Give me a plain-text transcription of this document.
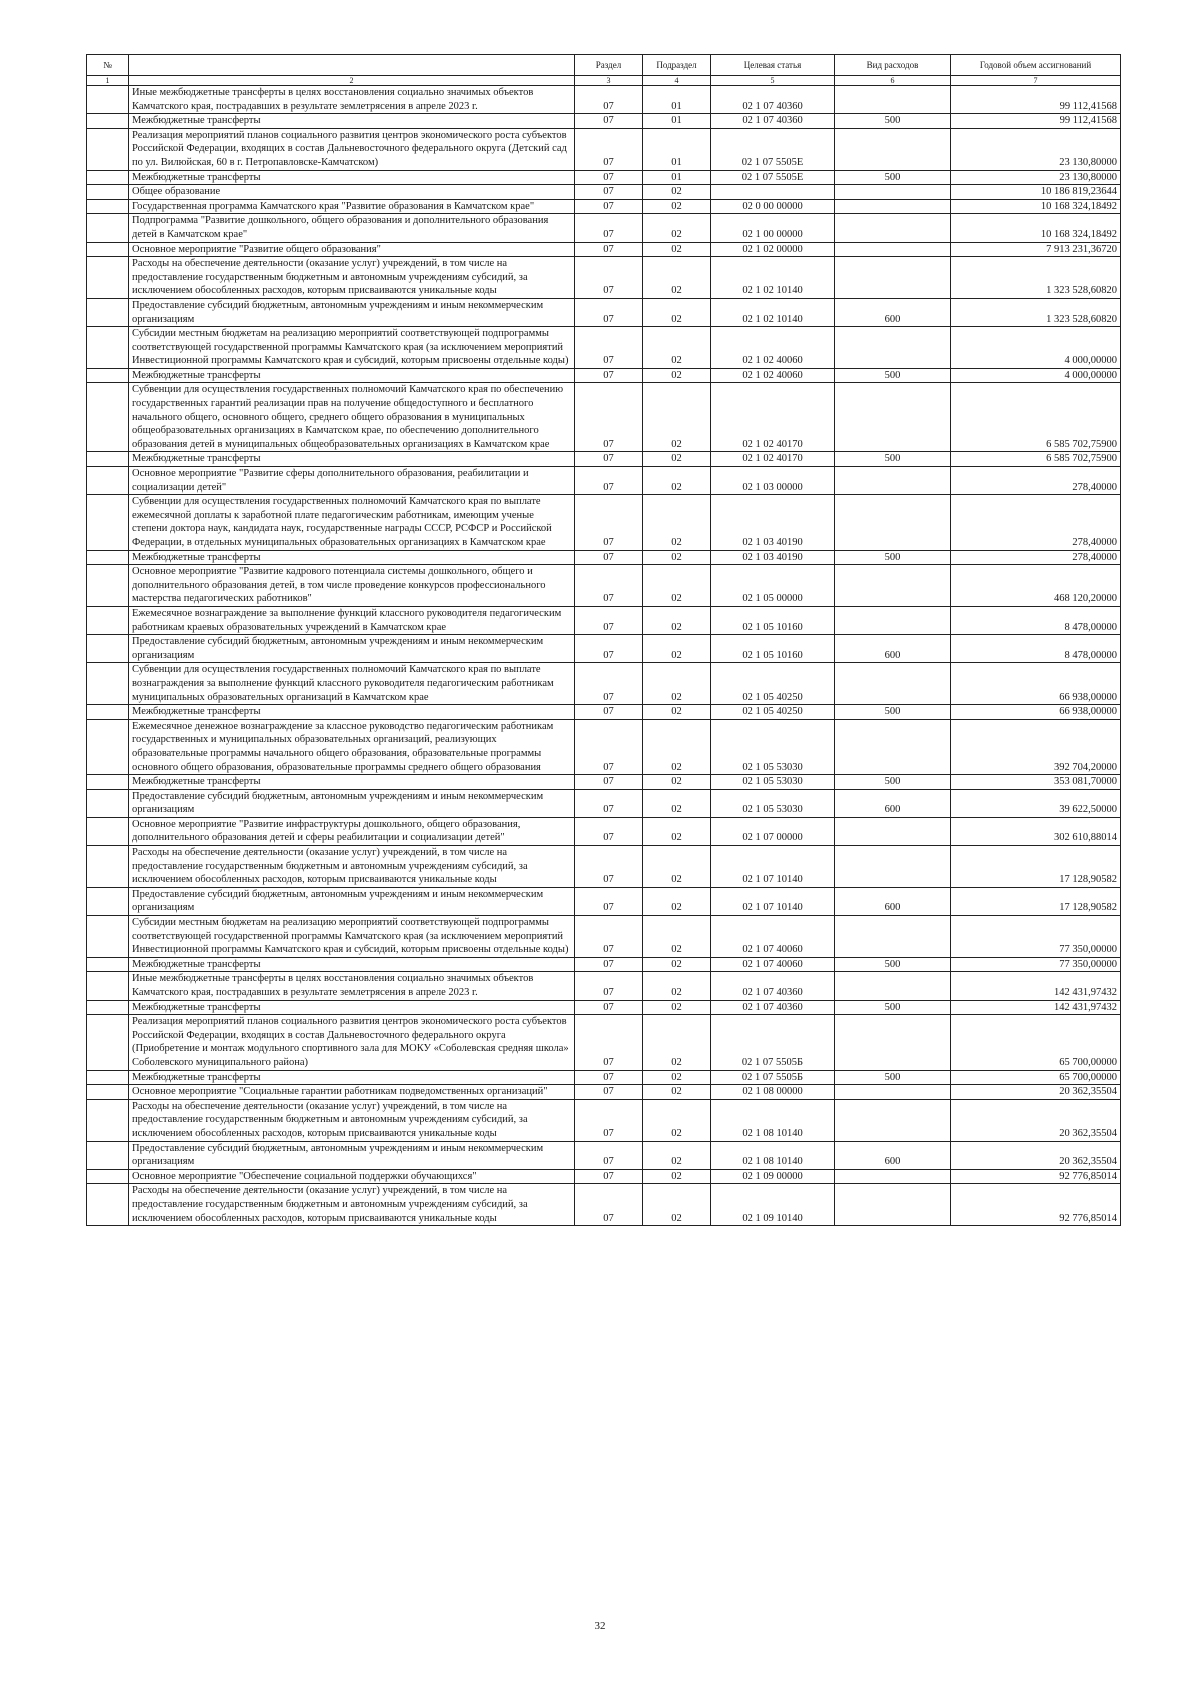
№		Раздел	Подраздел	Целевая статья	Вид расходов	Годовой объем ассигнований
1	2	3	4	5	6	7
	Иные межбюджетные трансферты в целях восстановления социально значимых объектов Камчатского края, пострадавших в результате землетрясения в апреле 2023 г.	07	01	02 1 07 40360		99 112,41568
	Межбюджетные трансферты	07	01	02 1 07 40360	500	99 112,41568
	Реализация мероприятий планов социального развития центров экономического роста субъектов Российской Федерации, входящих в состав Дальневосточного федерального округа (Детский сад по ул. Вилюйская, 60 в г. Петропавловске-Камчатском)	07	01	02 1 07 5505Е		23 130,80000
	Межбюджетные трансферты	07	01	02 1 07 5505Е	500	23 130,80000
	Общее образование	07	02			10 186 819,23644
	Государственная программа Камчатского края "Развитие образования в Камчатском крае"	07	02	02 0 00 00000		10 168 324,18492
	Подпрограмма "Развитие дошкольного, общего образования и дополнительного образования детей в Камчатском крае"	07	02	02 1 00 00000		10 168 324,18492
	Основное мероприятие "Развитие общего образования"	07	02	02 1 02 00000		7 913 231,36720
	Расходы на обеспечение деятельности (оказание услуг) учреждений, в том числе на предоставление государственным бюджетным и автономным учреждениям субсидий, за исключением обособленных расходов, которым присваиваются уникальные коды	07	02	02 1 02 10140		1 323 528,60820
	Предоставление субсидий бюджетным, автономным учреждениям и иным некоммерческим организациям	07	02	02 1 02 10140	600	1 323 528,60820
	Субсидии местным бюджетам на реализацию мероприятий соответствующей подпрограммы соответствующей государственной программы Камчатского края (за исключением мероприятий Инвестиционной программы Камчатского края и субсидий, которым присвоены отдельные коды)	07	02	02 1 02 40060		4 000,00000
	Межбюджетные трансферты	07	02	02 1 02 40060	500	4 000,00000
	Субвенции для осуществления государственных полномочий Камчатского края по обеспечению государственных гарантий реализации прав на получение общедоступного и бесплатного начального общего, основного общего, среднего общего образования в муниципальных общеобразовательных организациях в Камчатском крае, по обеспечению дополнительного образования детей в муниципальных общеобразовательных организациях в Камчатском крае	07	02	02 1 02 40170		6 585 702,75900
	Межбюджетные трансферты	07	02	02 1 02 40170	500	6 585 702,75900
	Основное мероприятие "Развитие сферы дополнительного образования, реабилитации и социализации детей"	07	02	02 1 03 00000		278,40000
	Субвенции для осуществления государственных полномочий Камчатского края по выплате ежемесячной доплаты к заработной плате педагогическим работникам, имеющим ученые степени доктора наук, кандидата наук, государственные награды СССР, РСФСР и Российской Федерации, в отдельных муниципальных образовательных организациях в Камчатском крае	07	02	02 1 03 40190		278,40000
	Межбюджетные трансферты	07	02	02 1 03 40190	500	278,40000
	Основное мероприятие "Развитие кадрового потенциала системы дошкольного, общего и дополнительного образования детей, в том числе проведение конкурсов профессионального мастерства педагогических работников"	07	02	02 1 05 00000		468 120,20000
	Ежемесячное вознаграждение за выполнение функций классного руководителя педагогическим работникам краевых образовательных учреждений в Камчатском крае	07	02	02 1 05 10160		8 478,00000
	Предоставление субсидий бюджетным, автономным учреждениям и иным некоммерческим организациям	07	02	02 1 05 10160	600	8 478,00000
	Субвенции для осуществления государственных полномочий Камчатского края по выплате вознаграждения за выполнение функций классного руководителя педагогическим работникам муниципальных образовательных организаций в Камчатском крае	07	02	02 1 05 40250		66 938,00000
	Межбюджетные трансферты	07	02	02 1 05 40250	500	66 938,00000
	Ежемесячное денежное вознаграждение за классное руководство педагогическим работникам государственных и муниципальных образовательных организаций, реализующих образовательные программы начального общего образования, образовательные программы основного общего образования, образовательные программы среднего общего образования	07	02	02 1 05 53030		392 704,20000
	Межбюджетные трансферты	07	02	02 1 05 53030	500	353 081,70000
	Предоставление субсидий бюджетным, автономным учреждениям и иным некоммерческим организациям	07	02	02 1 05 53030	600	39 622,50000
	Основное мероприятие "Развитие инфраструктуры дошкольного, общего образования, дополнительного образования детей и сферы реабилитации и социализации детей"	07	02	02 1 07 00000		302 610,88014
	Расходы на обеспечение деятельности (оказание услуг) учреждений, в том числе на предоставление государственным бюджетным и автономным учреждениям субсидий, за исключением обособленных расходов, которым присваиваются уникальные коды	07	02	02 1 07 10140		17 128,90582
	Предоставление субсидий бюджетным, автономным учреждениям и иным некоммерческим организациям	07	02	02 1 07 10140	600	17 128,90582
	Субсидии местным бюджетам на реализацию мероприятий соответствующей подпрограммы соответствующей государственной программы Камчатского края (за исключением мероприятий Инвестиционной программы Камчатского края и субсидий, которым присвоены отдельные коды)	07	02	02 1 07 40060		77 350,00000
	Межбюджетные трансферты	07	02	02 1 07 40060	500	77 350,00000
	Иные межбюджетные трансферты в целях восстановления социально значимых объектов Камчатского края, пострадавших в результате землетрясения в апреле 2023 г.	07	02	02 1 07 40360		142 431,97432
	Межбюджетные трансферты	07	02	02 1 07 40360	500	142 431,97432
	Реализация мероприятий планов социального развития центров экономического роста субъектов Российской Федерации, входящих в состав Дальневосточного федерального округа (Приобретение и монтаж модульного спортивного зала для МОКУ «Соболевская средняя школа» Соболевского муниципального района)	07	02	02 1 07 5505Б		65 700,00000
	Межбюджетные трансферты	07	02	02 1 07 5505Б	500	65 700,00000
	Основное мероприятие "Социальные гарантии работникам подведомственных организаций"	07	02	02 1 08 00000		20 362,35504
	Расходы на обеспечение деятельности (оказание услуг) учреждений, в том числе на предоставление государственным бюджетным и автономным учреждениям субсидий, за исключением обособленных расходов, которым присваиваются уникальные коды	07	02	02 1 08 10140		20 362,35504
	Предоставление субсидий бюджетным, автономным учреждениям и иным некоммерческим организациям	07	02	02 1 08 10140	600	20 362,35504
	Основное мероприятие "Обеспечение социальной поддержки обучающихся"	07	02	02 1 09 00000		92 776,85014
	Расходы на обеспечение деятельности (оказание услуг) учреждений, в том числе на предоставление государственным бюджетным и автономным учреждениям субсидий, за исключением обособленных расходов, которым присваиваются уникальные коды	07	02	02 1 09 10140		92 776,85014
32
